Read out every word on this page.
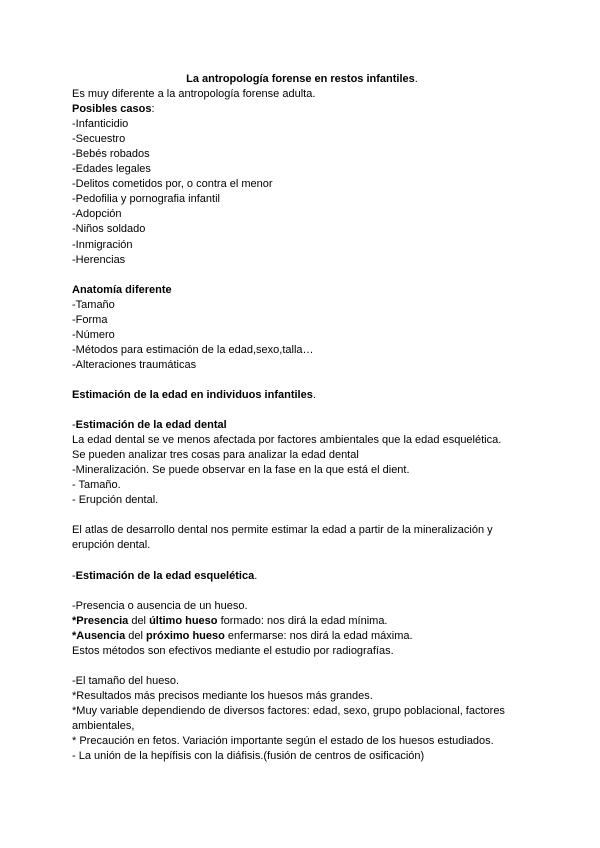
La antropología forense en restos infantiles.
Es muy diferente a la antropología forense adulta.
Posibles casos:
-Infanticidio
-Secuestro
-Bebés robados
-Edades legales
-Delitos cometidos por, o contra el menor
-Pedofilia y pornografia infantil
-Adopción
-Niños soldado
-Inmigración
-Herencias
Anatomía diferente
-Tamaño
-Forma
-Número
-Métodos para estimación de la edad,sexo,talla…
-Alteraciones traumáticas
Estimación de la edad en individuos infantiles.
-Estimación de la edad dental
La edad dental se ve menos afectada por factores ambientales que la edad esquelética.
Se pueden analizar tres cosas para analizar la edad dental
-Mineralización. Se puede observar en la fase en la que está el dient.
- Tamaño.
- Erupción dental.
El atlas de desarrollo dental nos permite estimar la edad a partir de la mineralización y erupción dental.
-Estimación de la edad esquelética.
-Presencia o ausencia de un hueso.
*Presencia del último hueso formado: nos dirá la edad mínima.
*Ausencia del próximo hueso enfermarse: nos dirá la edad máxima.
Estos métodos son efectivos mediante el estudio por radiografías.
-El tamaño del hueso.
*Resultados más precisos mediante los huesos más grandes.
*Muy variable dependiendo de diversos factores: edad, sexo, grupo poblacional, factores ambientales,
* Precaución en fetos. Variación importante según el estado de los huesos estudiados.
- La unión de la hepífisis con la diáfisis.(fusión de centros de osificación)
